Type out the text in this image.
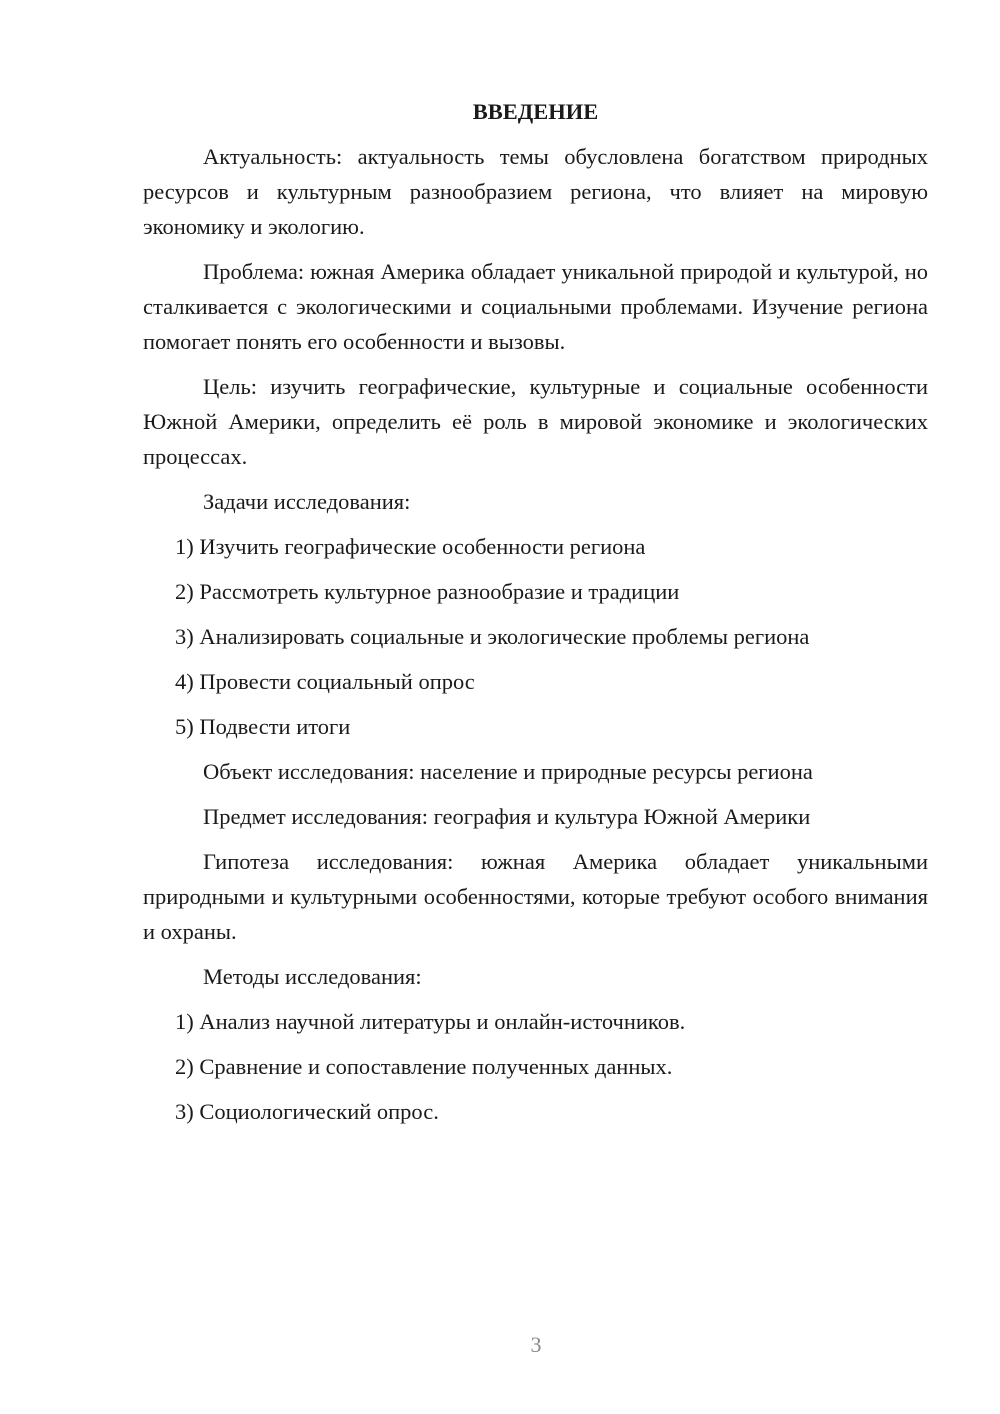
ВВЕДЕНИЕ

Актуальность: актуальность темы обусловлена богатством природных ресурсов и культурным разнообразием региона, что влияет на мировую экономику и экологию.

Проблема: южная Америка обладает уникальной природой и культурой, но сталкивается с экологическими и социальными проблемами. Изучение региона помогает понять его особенности и вызовы.

Цель: изучить географические, культурные и социальные особенности Южной Америки, определить её роль в мировой экономике и экологических процессах.

Задачи исследования:
1) Изучить географические особенности региона
2) Рассмотреть культурное разнообразие и традиции
3) Анализировать социальные и экологические проблемы региона
4) Провести социальный опрос
5) Подвести итоги
Объект исследования: население и природные ресурсы региона
Предмет исследования: география и культура Южной Америки

Гипотеза исследования: южная Америка обладает уникальными природными и культурными особенностями, которые требуют особого внимания и охраны.

Методы исследования:
1) Анализ научной литературы и онлайн-источников.
2) Сравнение и сопоставление полученных данных.
3) Социологический опрос.
3
